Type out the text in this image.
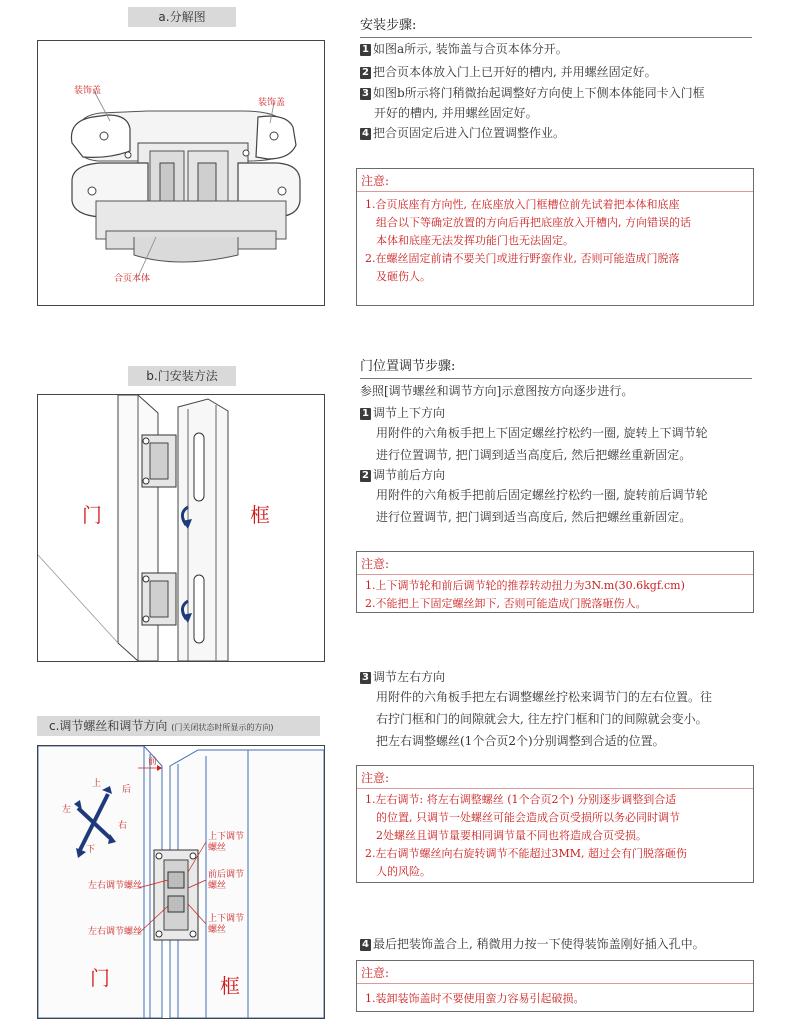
a.分解图
装饰盖
装饰盖
合页本体
b.门安装方法
门	框
c.调节螺丝和调节方向 (门关闭状态时所显示的方向)
前
上
后
左
右
下
上下调节螺丝
前后调节螺丝
左右调节螺丝
上下调节螺丝
左右调节螺丝
门	框
安装步骤:
1 如图a所示, 装饰盖与合页本体分开。
2 把合页本体放入门上已开好的槽内, 并用螺丝固定好。
3 如图b所示将门稍微抬起调整好方向使上下侧本体能同卡入门框
开好的槽内, 并用螺丝固定好。
4 把合页固定后进入门位置调整作业。
注意:
1.合页底座有方向性, 在底座放入门框槽位前先试着把本体和底座
组合以下等确定放置的方向后再把底座放入开槽内, 方向错误的话
本体和底座无法发挥功能门也无法固定。
2.在螺丝固定前请不要关门或进行野蛮作业, 否则可能造成门脱落
及砸伤人。
门位置调节步骤:
参照[调节螺丝和调节方向]示意图按方向逐步进行。
1 调节上下方向
用附件的六角板手把上下固定螺丝拧松约一圈, 旋转上下调节轮
进行位置调节, 把门调到适当高度后, 然后把螺丝重新固定。
2 调节前后方向
用附件的六角板手把前后固定螺丝拧松约一圈, 旋转前后调节轮
进行位置调节, 把门调到适当高度后, 然后把螺丝重新固定。
注意:
1.上下调节轮和前后调节轮的推荐转动扭力为3N.m(30.6kgf.cm)
2.不能把上下固定螺丝卸下, 否则可能造成门脱落砸伤人。
3 调节左右方向
用附件的六角板手把左右调整螺丝拧松来调节门的左右位置。往
右拧门框和门的间隙就会大, 往左拧门框和门的间隙就会变小。
把左右调整螺丝(1个合页2个)分别调整到合适的位置。
注意:
1.左右调节: 将左右调整螺丝 (1个合页2个) 分别逐步调整到合适
的位置, 只调节一处螺丝可能会造成合页受损所以务必同时调节
2处螺丝且调节量要相同调节量不同也将造成合页受损。
2.左右调节螺丝向右旋转调节不能超过3MM, 超过会有门脱落砸伤
人的风险。
4 最后把装饰盖合上, 稍微用力按一下使得装饰盖刚好插入孔中。
注意:
1.装卸装饰盖时不要使用蛮力容易引起破损。
